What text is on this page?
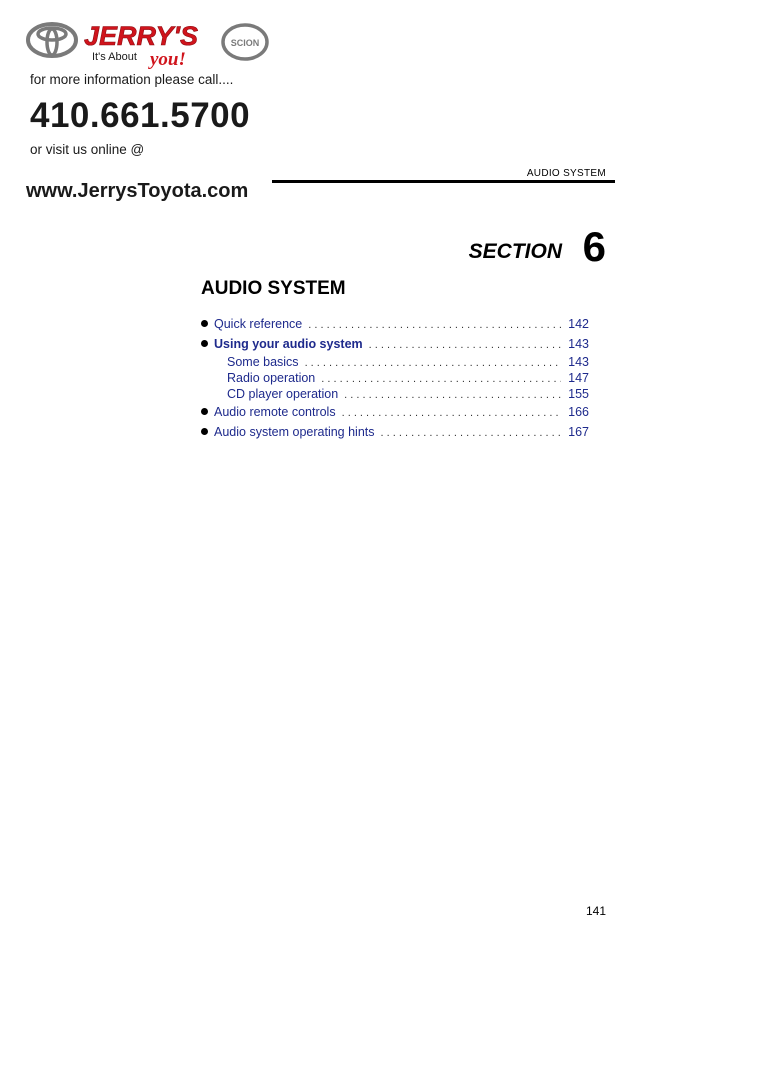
JERRY'S
It's About you!
SCION
for more information please call....
410.661.5700
or visit us online @
www.JerrysToyota.com
AUDIO SYSTEM
SECTION 6
AUDIO SYSTEM
Quick reference . . .	142
Using your audio system . . .	143
Some basics . . .	143
Radio operation . . .	147
CD player operation . . .	155
Audio remote controls . . .	166
Audio system operating hints . . .	167
141
